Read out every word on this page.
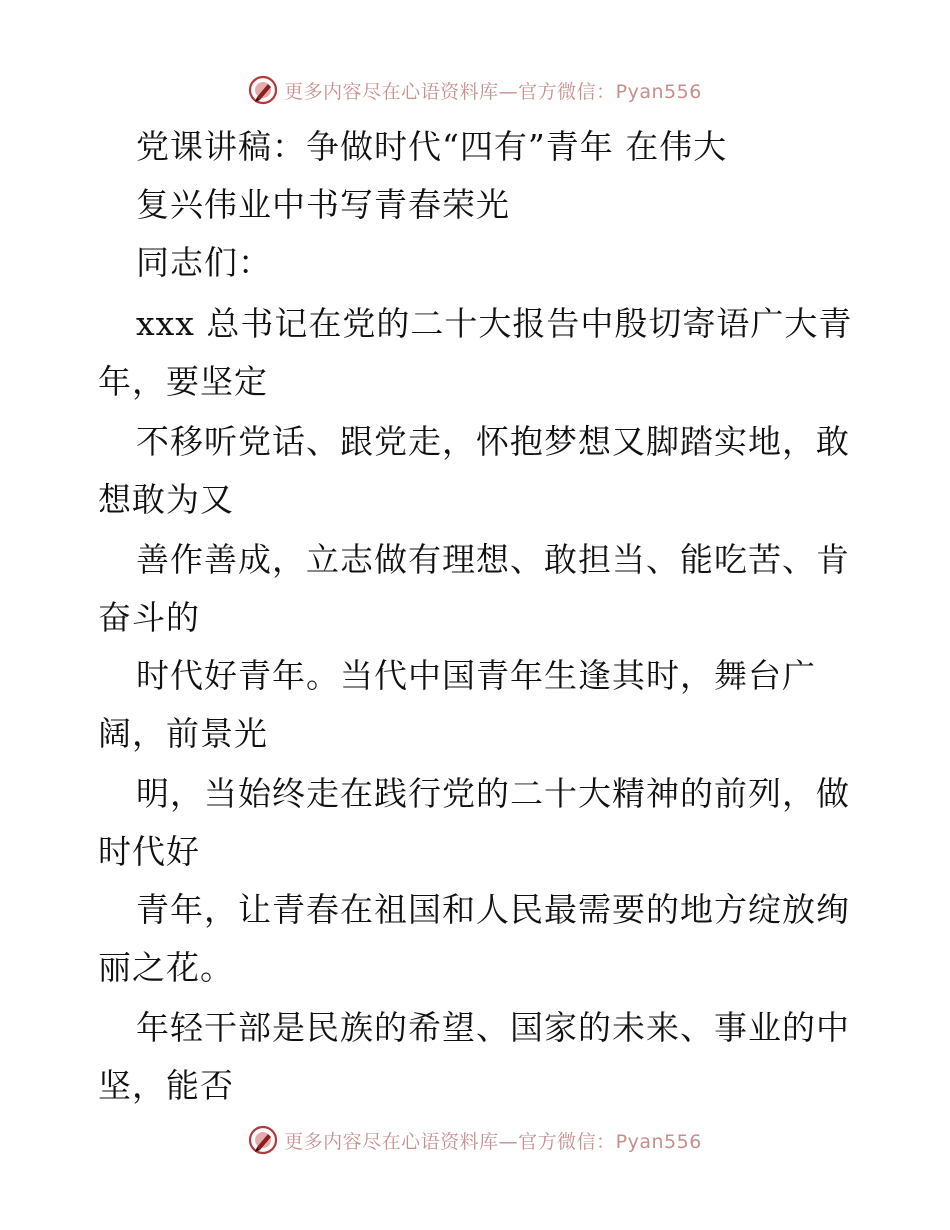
更多内容尽在心语资料库—官方微信：Pyan556
党课讲稿：争做时代“四有”青年 在伟大
复兴伟业中书写青春荣光
同志们：
xxx 总书记在党的二十大报告中殷切寄语广大青
年，要坚定
不移听党话、跟党走，怀抱梦想又脚踏实地，敢
想敢为又
善作善成，立志做有理想、敢担当、能吃苦、肯
奋斗的
时代好青年。当代中国青年生逢其时，舞台广
阔，前景光
明，当始终走在践行党的二十大精神的前列，做
时代好
青年，让青春在祖国和人民最需要的地方绽放绚
丽之花。
年轻干部是民族的希望、国家的未来、事业的中
坚，能否
更多内容尽在心语资料库—官方微信：Pyan556
